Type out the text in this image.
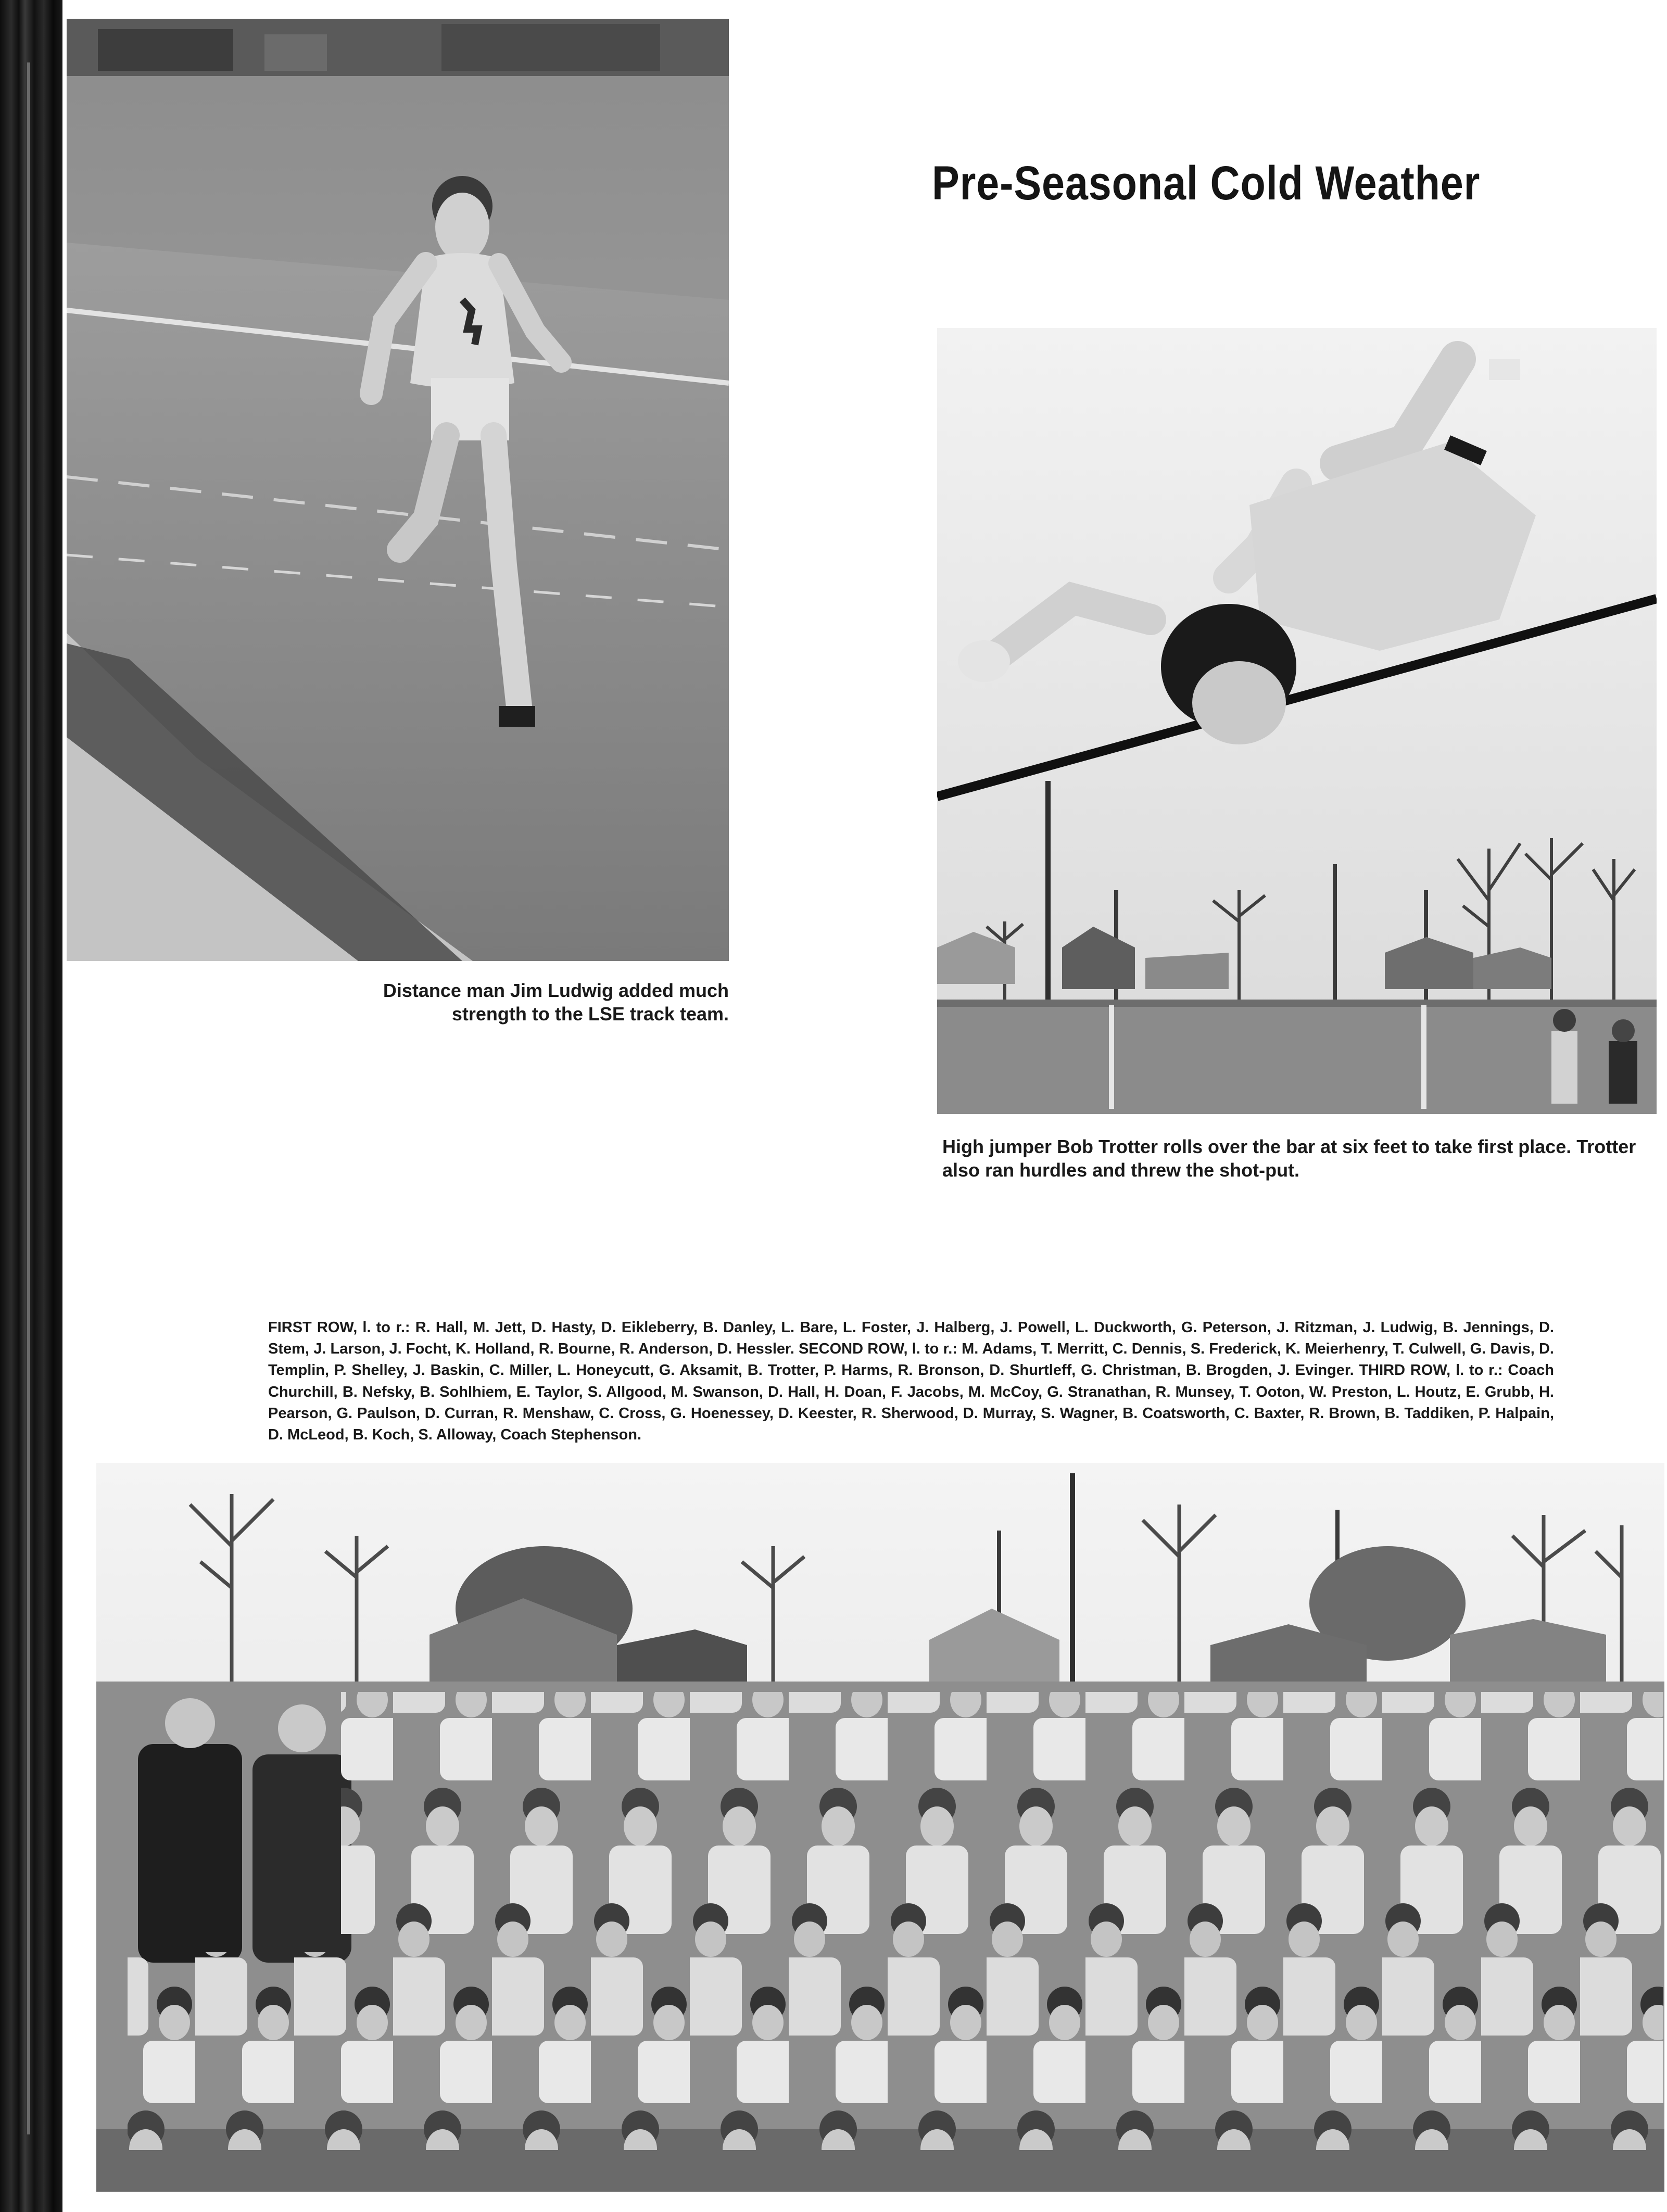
Pre-Seasonal Cold Weather
Distance man Jim Ludwig added much strength to the LSE track team.
High jumper Bob Trotter rolls over the bar at six feet to take first place. Trotter also ran hurdles and threw the shot-put.
FIRST ROW, l. to r.: R. Hall, M. Jett, D. Hasty, D. Eikleberry, B. Danley, L. Bare, L. Foster, J. Halberg, J. Powell, L. Duckworth, G. Peterson, J. Ritzman, J. Ludwig, B. Jennings, D. Stem, J. Larson, J. Focht, K. Holland, R. Bourne, R. Anderson, D. Hessler. SECOND ROW, l. to r.: M. Adams, T. Merritt, C. Dennis, S. Frederick, K. Meierhenry, T. Culwell, G. Davis, D. Templin, P. Shelley, J. Baskin, C. Miller, L. Honeycutt, G. Aksamit, B. Trotter, P. Harms, R. Bronson, D. Shurtleff, G. Christman, B. Brogden, J. Evinger. THIRD ROW, l. to r.: Coach Churchill, B. Nefsky, B. Sohlhiem, E. Taylor, S. Allgood, M. Swanson, D. Hall, H. Doan, F. Jacobs, M. McCoy, G. Stranathan, R. Munsey, T. Ooton, W. Preston, L. Houtz, E. Grubb, H. Pearson, G. Paulson, D. Curran, R. Menshaw, C. Cross, G. Hoenessey, D. Keester, R. Sherwood, D. Murray, S. Wagner, B. Coatsworth, C. Baxter, R. Brown, B. Taddiken, P. Halpain, D. McLeod, B. Koch, S. Alloway, Coach Stephenson.
